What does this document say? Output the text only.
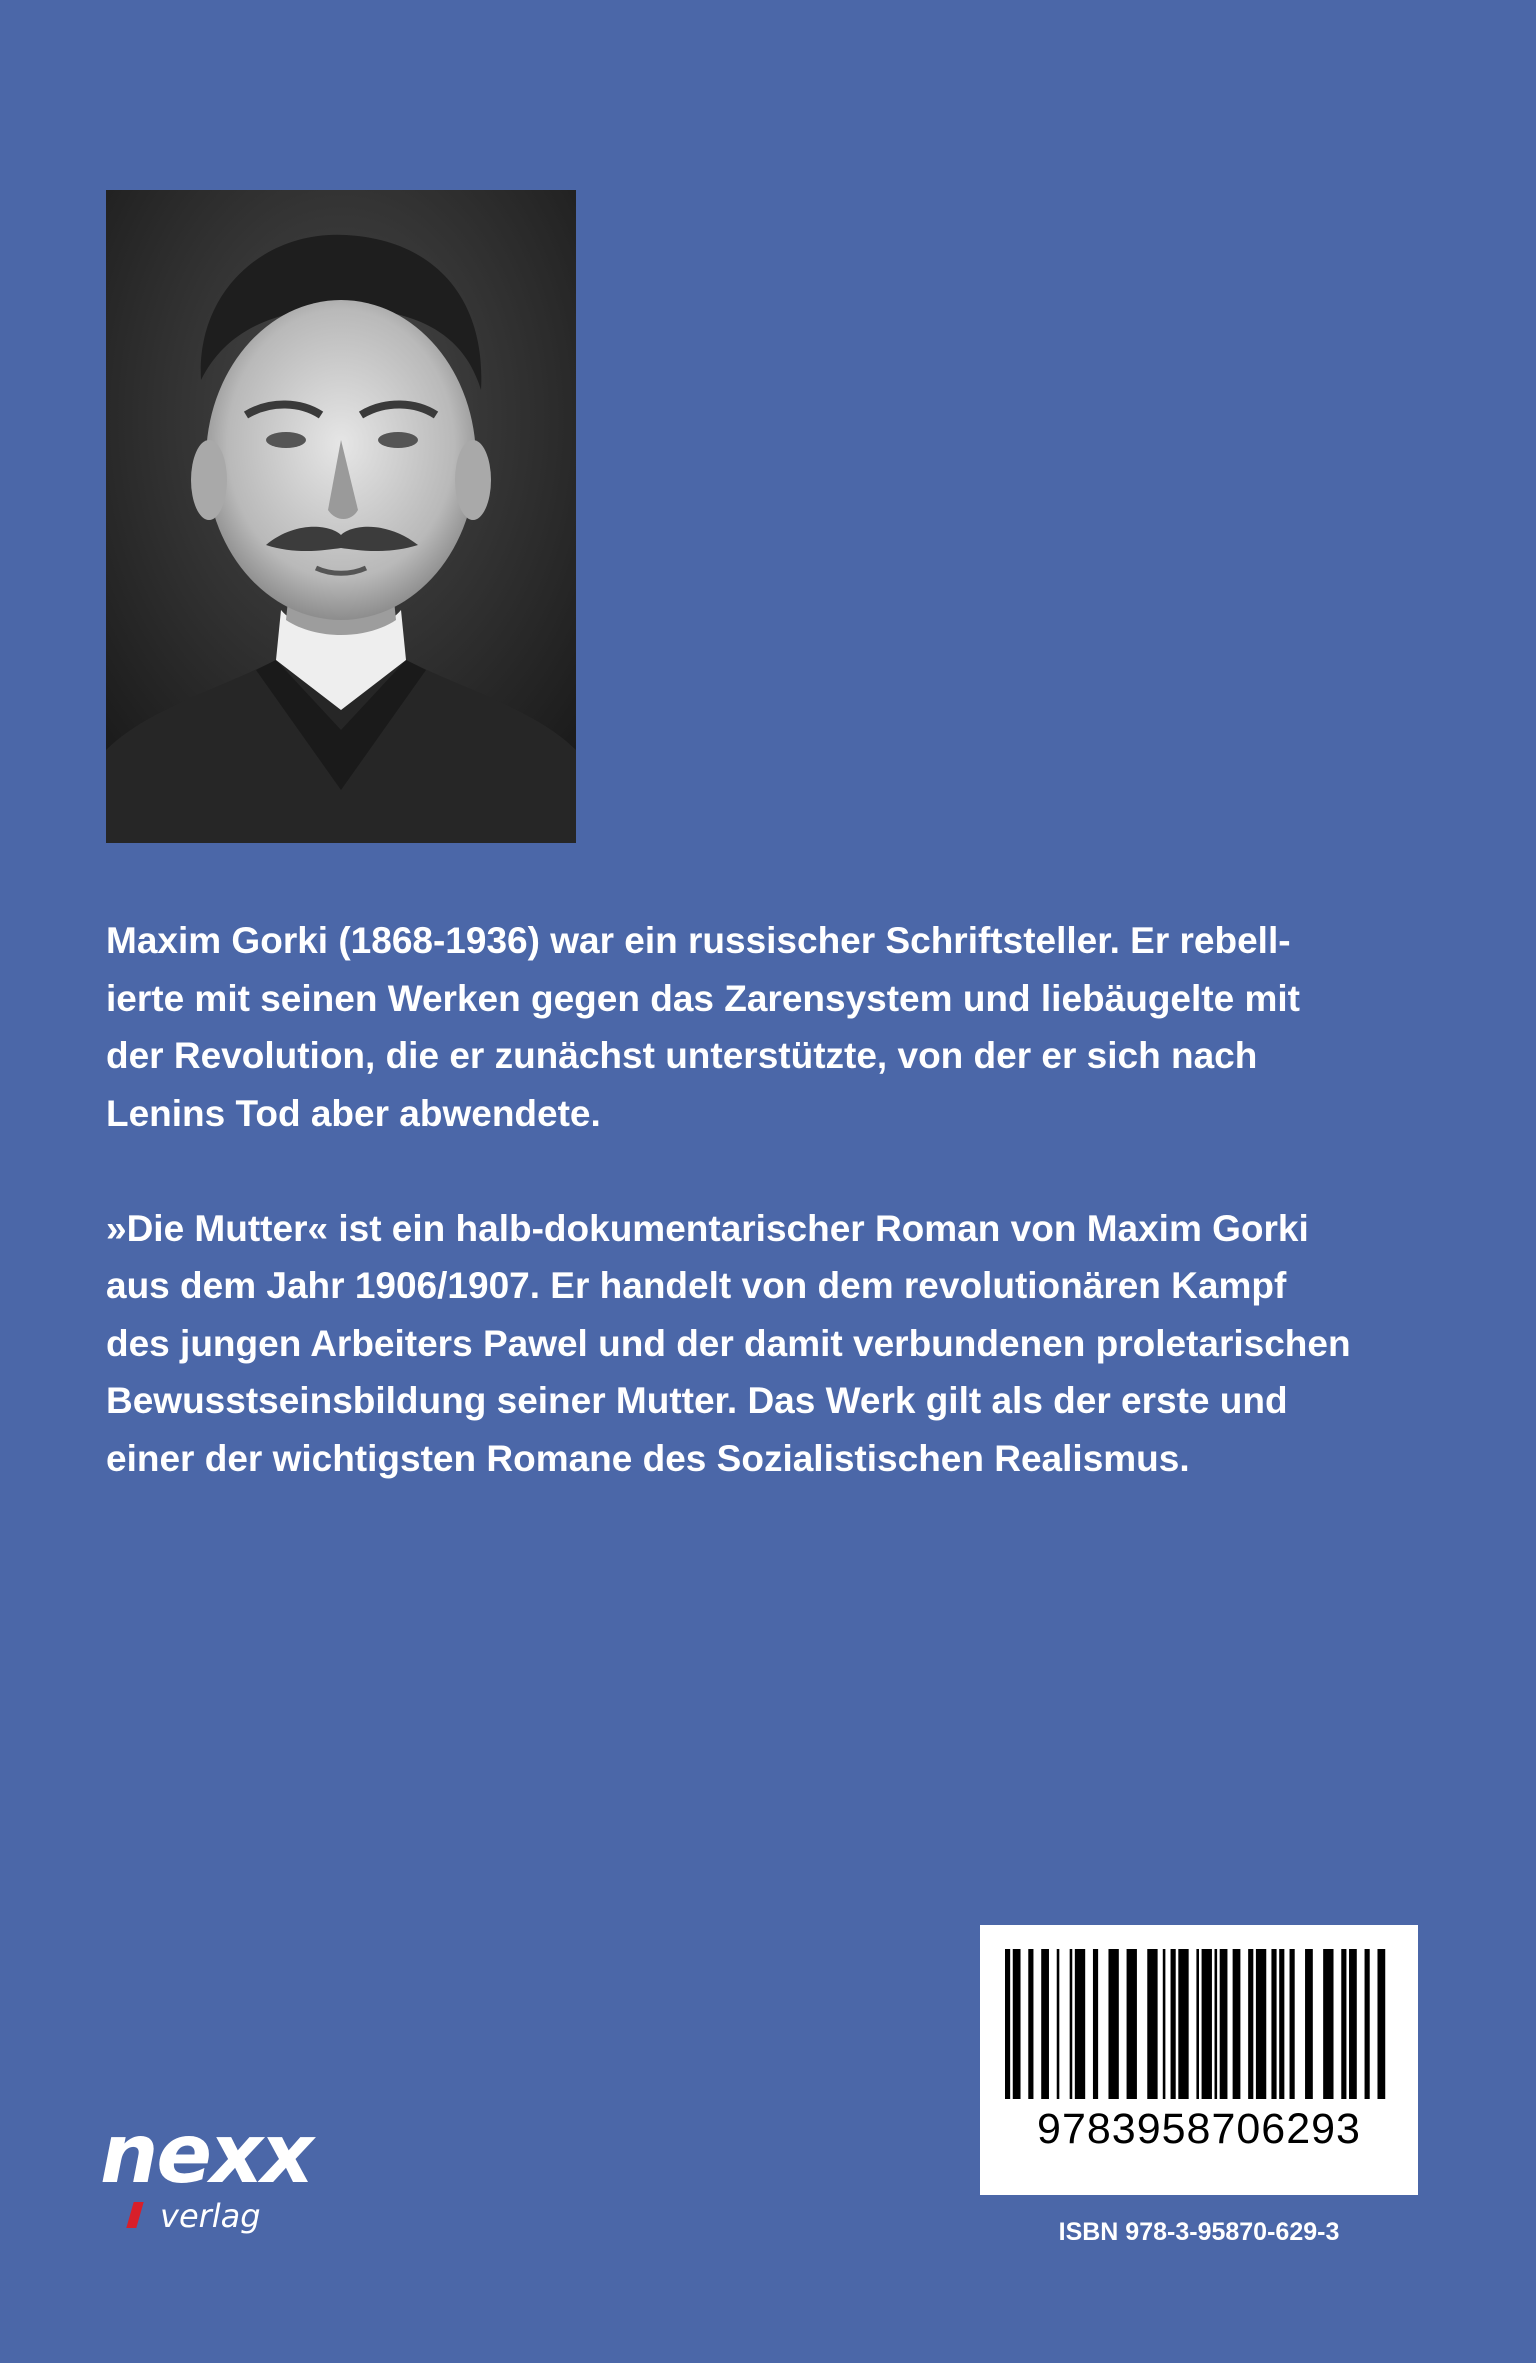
Maxim Gorki (1868-1936) war ein russischer Schriftsteller. Er rebell-
ierte mit seinen Werken gegen das Zarensystem und liebäugelte mit
der Revolution, die er zunächst unterstützte, von der er sich nach
Lenins Tod aber abwendete.

»Die Mutter« ist ein halb-dokumentarischer Roman von Maxim Gorki
aus dem Jahr 1906/1907. Er handelt von dem revolutionären Kampf
des jungen Arbeiters Pawel und der damit verbundenen proletarischen
Bewusstseinsbildung seiner Mutter. Das Werk gilt als der erste und
einer der wichtigsten Romane des Sozialistischen Realismus.

nexx
verlag
9783958706293
ISBN 978-3-95870-629-3
